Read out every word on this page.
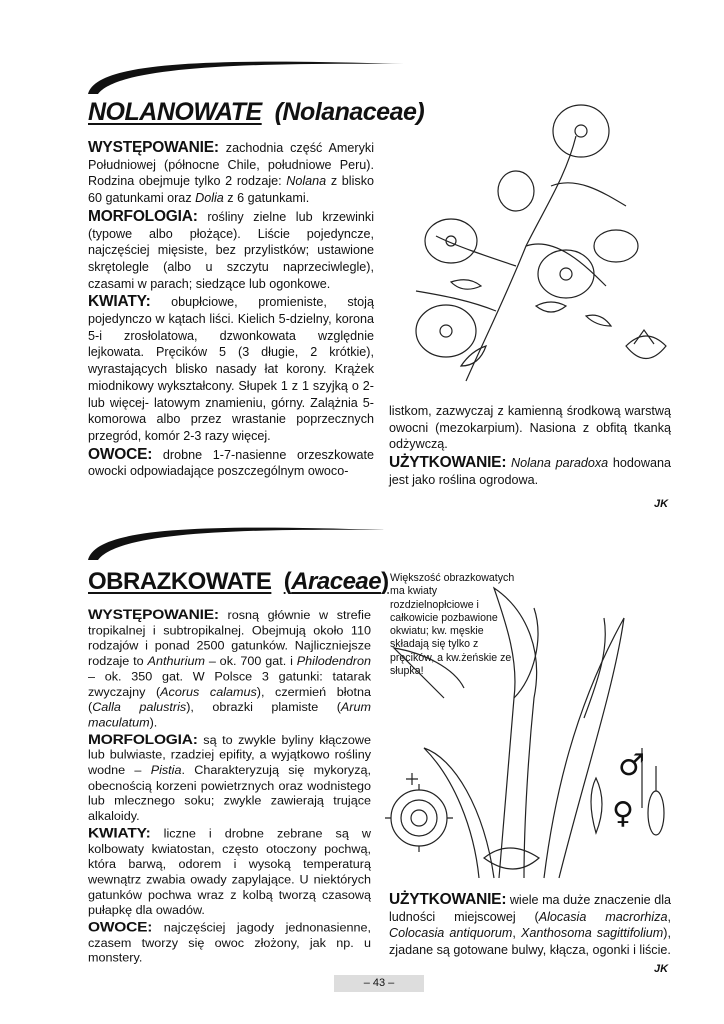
NOLANOWATE (Nolanaceae)

WYSTĘPOWANIE: zachodnia część Ameryki Południowej (północne Chile, południowe Peru). Rodzina obejmuje tylko 2 rodzaje: Nolana z blisko 60 gatunkami oraz Dolia z 6 gatunkami.

MORFOLOGIA: rośliny zielne lub krzewinki (typowe albo płożące). Liście pojedyncze, najczęściej mięsiste, bez przylistków; ustawione skrętolegle (albo u szczytu naprzeciwlegle), czasami w parach; siedzące lub ogonkowe.

KWIATY: obupłciowe, promieniste, stoją pojedynczo w kątach liści. Kielich 5-dzielny, korona 5-i zrosłolatowa, dzwonkowata względnie lejkowata. Pręcików 5 (3 długie, 2 krótkie), wyrastających blisko nasady łat korony. Krążek miodnikowy wykształcony. Słupek 1 z 1 szyjką o 2- lub więcej- latowym znamieniu, górny. Zalążnia 5-komorowa albo przez wrastanie poprzecznych przegród, komór 2-3 razy więcej.

OWOCE: drobne 1-7-nasienne orzeszkowate owocki odpowiadające poszczególnym owoco-

listkom, zazwyczaj z kamienną środkową warstwą owocni (mezokarpium). Nasiona z obfitą tkanką odżywczą.

UŻYTKOWANIE: Nolana paradoxa hodowana jest jako roślina ogrodowa.

JK
OBRAZKOWATE (Araceae) Większość obrazkowatych ma kwiaty rozdzielnopłciowe i całkowicie pozbawione okwiatu; kw. męskie składają się tylko z pręcików, a kw.żeńskie ze słupka!

WYSTĘPOWANIE: rosną głównie w strefie tropikalnej i subtropikalnej. Obejmują około 110 rodzajów i ponad 2500 gatunków. Najliczniejsze rodzaje to Anthurium – ok. 700 gat. i Philodendron – ok. 350 gat. W Polsce 3 gatunki: tatarak zwyczajny (Acorus calamus), czermień błotna (Calla palustris), obrazki plamiste (Arum maculatum).

MORFOLOGIA: są to zwykle byliny kłączowe lub bulwiaste, rzadziej epifity, a wyjątkowo rośliny wodne – Pistia. Charakteryzują się mykoryzą, obecnością korzeni powietrznych oraz wodnistego lub mlecznego soku; zwykle zawierają trujące alkaloidy.

KWIATY: liczne i drobne zebrane są w kolbowaty kwiatostan, często otoczony pochwą, która barwą, odorem i wysoką temperaturą wewnątrz zwabia owady zapylające. U niektórych gatunków pochwa wraz z kolbą tworzą czasową pułapkę dla owadów.

OWOCE: najczęściej jagody jednonasienne, czasem tworzy się owoc złożony, jak np. u monstery.

UŻYTKOWANIE: wiele ma duże znaczenie dla ludności miejscowej (Alocasia macrorhiza, Colocasia antiquorum, Xanthosoma sagittifolium), zjadane są gotowane bulwy, kłącza, ogonki i liście.

JK
♂
♀
– 43 –
